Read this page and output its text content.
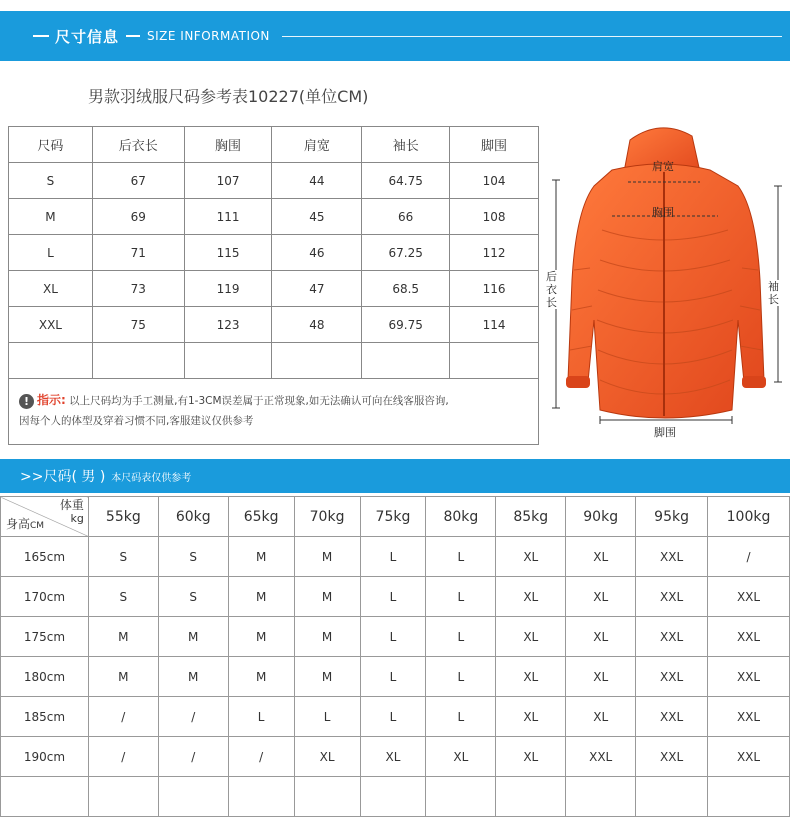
尺寸信息 SIZE INFORMATION
男款羽绒服尺码参考表10227(单位CM)
尺码	后衣长	胸围	肩宽	袖长	脚围
S	67	107	44	64.75	104
M	69	111	45	66	108
L	71	115	46	67.25	112
XL	73	119	47	68.5	116
XXL	75	123	48	69.75	114

! 指示: 以上尺码均为手工测量,有1-3CM误差属于正常现象,如无法确认可向在线客服咨询,
因每个人的体型及穿着习惯不同,客服建议仅供参考
肩宽
胸围
后
衣
长
袖
长
脚围
>>尺码( 男 ) 本尺码表仅供参考
体重
kg
身高CM	55kg	60kg	65kg	70kg	75kg	80kg	85kg	90kg	95kg	100kg
165cm	S	S	M	M	L	L	XL	XL	XXL	/
170cm	S	S	M	M	L	L	XL	XL	XXL	XXL
175cm	M	M	M	M	L	L	XL	XL	XXL	XXL
180cm	M	M	M	M	L	L	XL	XL	XXL	XXL
185cm	/	/	L	L	L	L	XL	XL	XXL	XXL
190cm	/	/	/	XL	XL	XL	XL	XXL	XXL	XXL
